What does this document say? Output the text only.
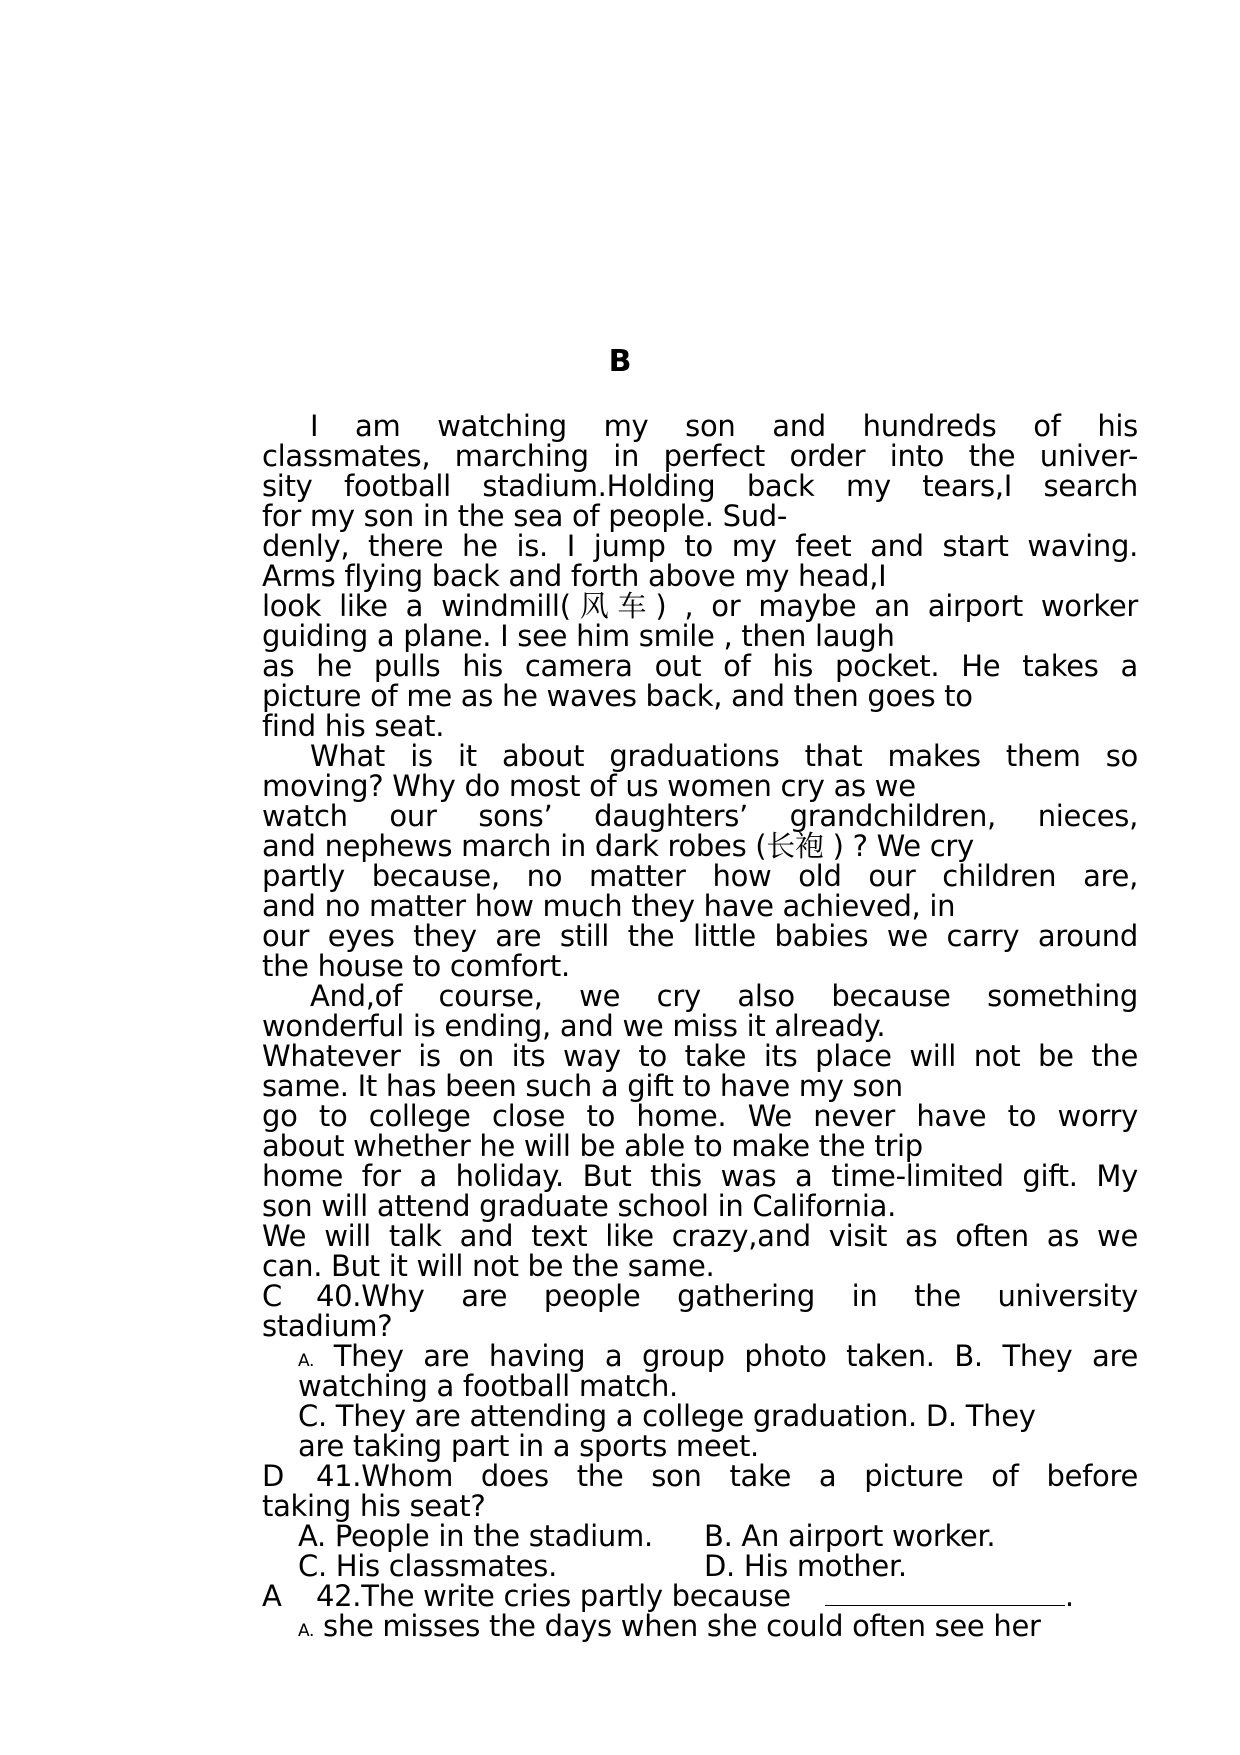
B
I am watching my son and hundreds of his
classmates, marching in perfect order into the univer-
sity football stadium.Holding back my tears,I search
for my son in the sea of people. Sud-
denly, there he is. I jump to my feet and start waving.
Arms flying back and forth above my head,I
look like a windmill(风车) , or maybe an airport worker
guiding a plane. I see him smile , then laugh
as he pulls his camera out of his pocket. He takes a
picture of me as he waves back, and then goes to
find his seat.
What is it about graduations that makes them so
moving? Why do most of us women cry as we
watch our sons’ daughters’ grandchildren, nieces,
and nephews march in dark robes (长袍 ) ? We cry
partly because, no matter how old our children are,
and no matter how much they have achieved, in
our eyes they are still the little babies we carry around
the house to comfort.
And,of course, we cry also because something
wonderful is ending, and we miss it already.
Whatever is on its way to take its place will not be the
same. It has been such a gift to have my son
go to college close to home. We never have to worry
about whether he will be able to make the trip
home for a holiday. But this was a time-limited gift. My
son will attend graduate school in California.
We will talk and text like crazy,and visit as often as we
can. But it will not be the same.
C 40.Why are people gathering in the university
stadium?
A. They are having a group photo taken. B. They are
watching a football match.
C. They are attending a college graduation. D. They
are taking part in a sports meet.
D 41.Whom does the son take a picture of before
taking his seat?
A. People in the stadium. B. An airport worker.
C. His classmates.	D. His mother.
A 42.The write cries partly because	.
A. she misses the days when she could often see her
